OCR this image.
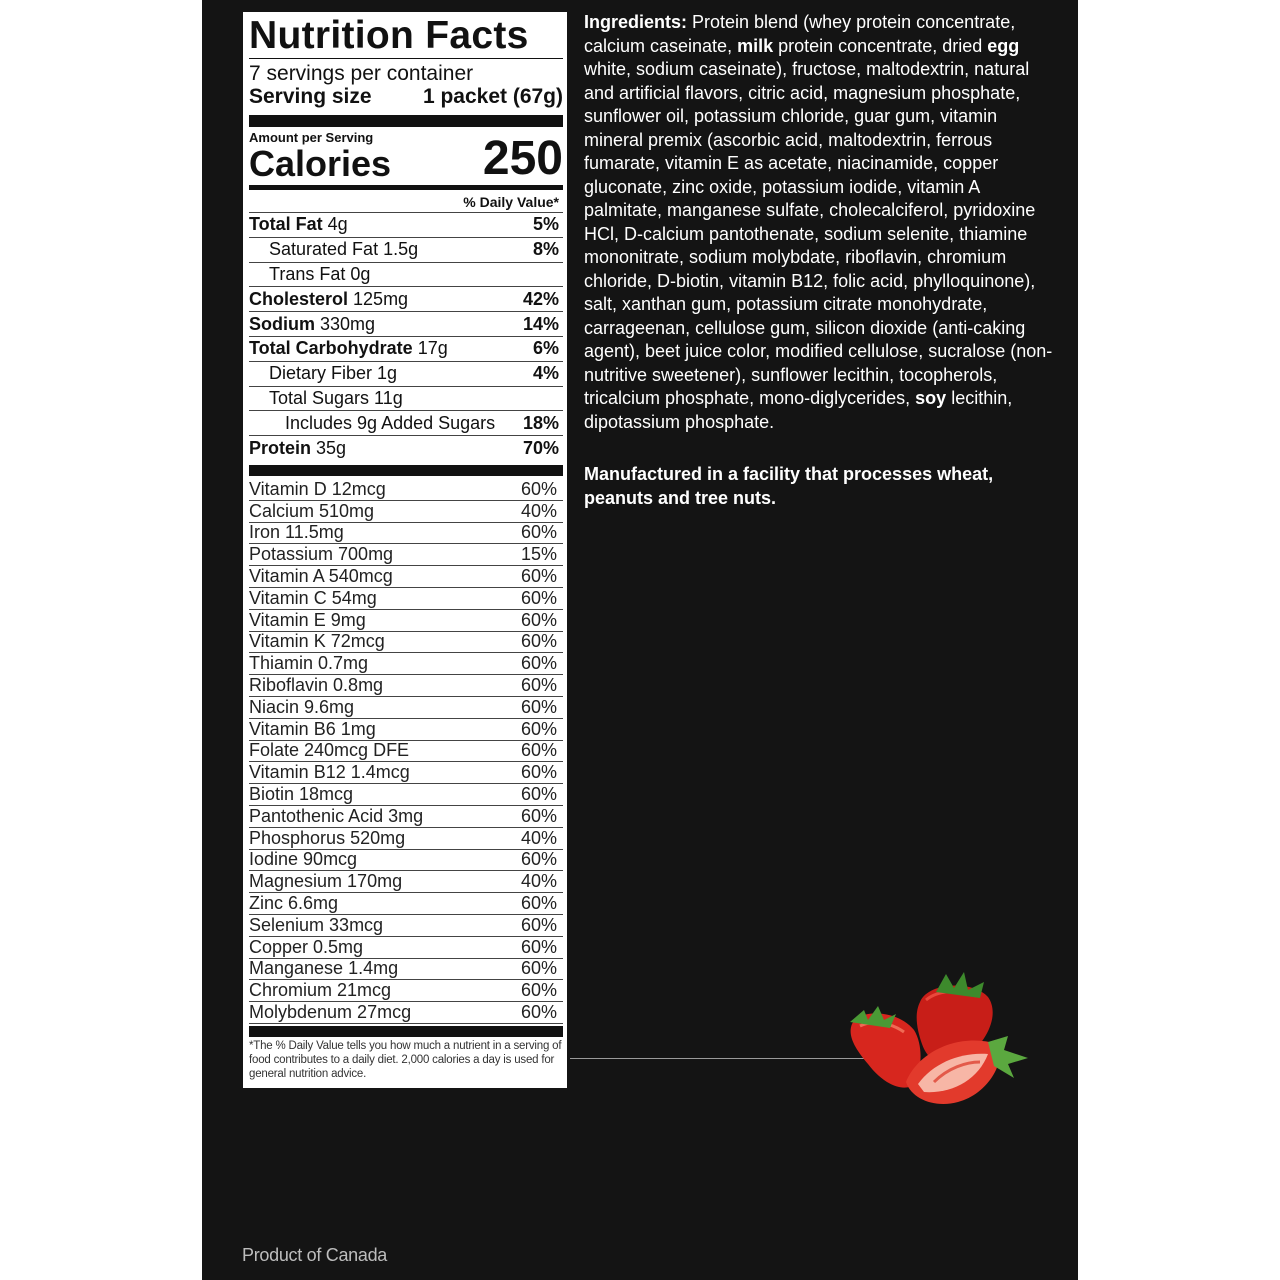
Nutrition Facts
7 servings per container
Serving size 1 packet (67g)
Amount per Serving
Calories 250
% Daily Value*
Total Fat 4g	5%
Saturated Fat 1.5g	8%
Trans Fat 0g
Cholesterol 125mg	42%
Sodium 330mg	14%
Total Carbohydrate 17g	6%
Dietary Fiber 1g	4%
Total Sugars 11g
Includes 9g Added Sugars 18%
Protein 35g	70%
Vitamin D 12mcg	60%
Calcium 510mg	40%
Iron 11.5mg	60%
Potassium 700mg	15%
Vitamin A 540mcg	60%
Vitamin C 54mg	60%
Vitamin E 9mg	60%
Vitamin K 72mcg	60%
Thiamin 0.7mg	60%
Riboflavin 0.8mg	60%
Niacin 9.6mg	60%
Vitamin B6 1mg	60%
Folate 240mcg DFE	60%
Vitamin B12 1.4mcg	60%
Biotin 18mcg	60%
Pantothenic Acid 3mg	60%
Phosphorus 520mg	40%
Iodine 90mcg	60%
Magnesium 170mg	40%
Zinc 6.6mg	60%
Selenium 33mcg	60%
Copper 0.5mg	60%
Manganese 1.4mg	60%
Chromium 21mcg	60%
Molybdenum 27mcg	60%
*The % Daily Value tells you how much a nutrient in a serving of food contributes to a daily diet. 2,000 calories a day is used for general nutrition advice.
Ingredients: Protein blend (whey protein concentrate, calcium caseinate, milk protein concentrate, dried egg white, sodium caseinate), fructose, maltodextrin, natural and artificial flavors, citric acid, magnesium phosphate, sunflower oil, potassium chloride, guar gum, vitamin mineral premix (ascorbic acid, maltodextrin, ferrous fumarate, vitamin E as acetate, niacinamide, copper gluconate, zinc oxide, potassium iodide, vitamin A palmitate, manganese sulfate, cholecalciferol, pyridoxine HCl, D-calcium pantothenate, sodium selenite, thiamine mononitrate, sodium molybdate, riboflavin, chromium chloride, D-biotin, vitamin B12, folic acid, phylloquinone), salt, xanthan gum, potassium citrate monohydrate, carrageenan, cellulose gum, silicon dioxide (anti-caking agent), beet juice color, modified cellulose, sucralose (non-nutritive sweetener), sunflower lecithin, tocopherols, tricalcium phosphate, mono-diglycerides, soy lecithin, dipotassium phosphate.
Manufactured in a facility that processes wheat, peanuts and tree nuts.
Product of Canada
